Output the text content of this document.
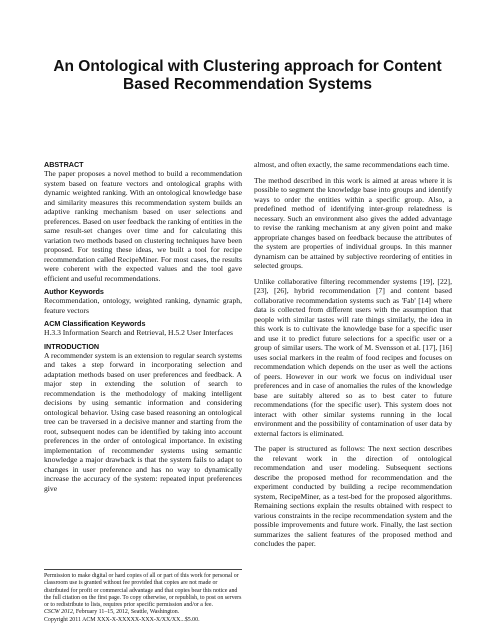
An Ontological with Clustering approach for Content Based Recommendation Systems

ABSTRACT

The paper proposes a novel method to build a recommendation system based on feature vectors and ontological graphs with dynamic weighted ranking. With an ontological knowledge base and similarity measures this recommendation system builds an adaptive ranking mechanism based on user selections and preferences. Based on user feedback the ranking of entities in the same result-set changes over time and for calculating this variation two methods based on clustering techniques have been proposed. For testing these ideas, we built a tool for recipe recommendation called RecipeMiner. For most cases, the results were coherent with the expected values and the tool gave efficient and useful recommendations.

Author Keywords

Recommendation, ontology, weighted ranking, dynamic graph, feature vectors

ACM Classification Keywords

H.3.3 Information Search and Retrieval, H.5.2 User Interfaces

INTRODUCTION

A recommender system is an extension to regular search systems and takes a step forward in incorporating selection and adaptation methods based on user preferences and feedback. A major step in extending the solution of search to recommendation is the methodology of making intelligent decisions by using semantic information and considering ontological behavior. Using case based reasoning an ontological tree can be traversed in a decisive manner and starting from the root, subsequent nodes can be identified by taking into account preferences in the order of ontological importance. In existing implementation of recommender systems using semantic knowledge a major drawback is that the system fails to adapt to changes in user preference and has no way to dynamically increase the accuracy of the system: repeated input preferences give

Permission to make digital or hard copies of all or part of this work for personal or classroom use is granted without fee provided that copies are not made or distributed for profit or commercial advantage and that copies bear this notice and the full citation on the first page. To copy otherwise, or republish, to post on servers or to redistribute to lists, requires prior specific permission and/or a fee.

CSCW 2012, February 11–15, 2012, Seattle, Washington.

Copyright 2011 ACM XXX-X-XXXXX-XXX-X/XX/XX...$5.00.

almost, and often exactly, the same recommendations each time.

The method described in this work is aimed at areas where it is possible to segment the knowledge base into groups and identify ways to order the entities within a specific group. Also, a predefined method of identifying inter-group relatedness is necessary. Such an environment also gives the added advantage to revise the ranking mechanism at any given point and make appropriate changes based on feedback because the attributes of the system are properties of individual groups. In this manner dynamism can be attained by subjective reordering of entities in selected groups.

Unlike collaborative filtering recommender systems [19], [22], [23], [26], hybrid recommendation [7] and content based collaborative recommendation systems such as 'Fab' [14] where data is collected from different users with the assumption that people with similar tastes will rate things similarly, the idea in this work is to cultivate the knowledge base for a specific user and use it to predict future selections for a specific user or a group of similar users. The work of M. Svensson et al. [17], [16] uses social markers in the realm of food recipes and focuses on recommendation which depends on the user as well the actions of peers. However in our work we focus on individual user preferences and in case of anomalies the rules of the knowledge base are suitably altered so as to best cater to future recommendations (for the specific user). This system does not interact with other similar systems running in the local environment and the possibility of contamination of user data by external factors is eliminated.

The paper is structured as follows: The next section describes the relevant work in the direction of ontological recommendation and user modeling. Subsequent sections describe the proposed method for recommendation and the experiment conducted by building a recipe recommendation system, RecipeMiner, as a test-bed for the proposed algorithms. Remaining sections explain the results obtained with respect to various constraints in the recipe recommendation system and the possible improvements and future work. Finally, the last section summarizes the salient features of the proposed method and concludes the paper.
